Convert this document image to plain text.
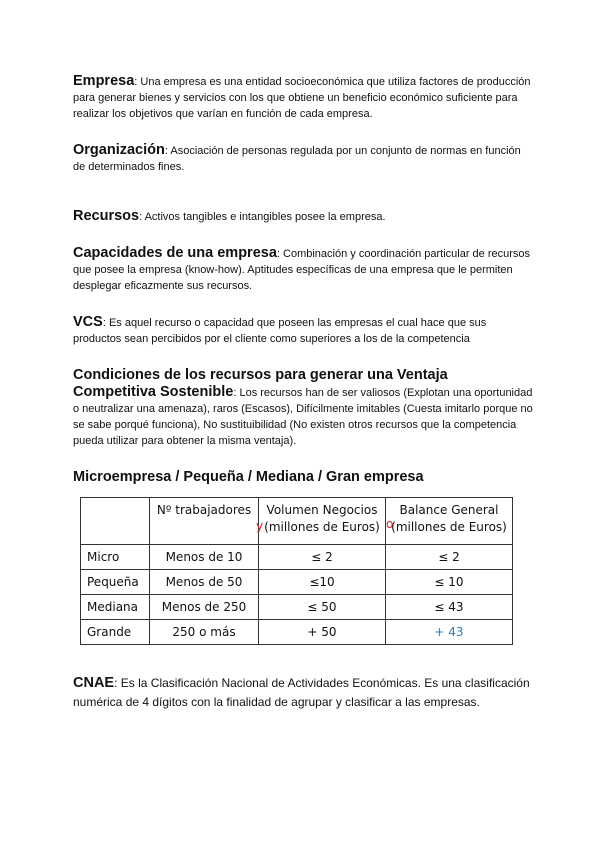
Empresa: Una empresa es una entidad socioeconómica que utiliza factores de producción para generar bienes y servicios con los que obtiene un beneficio económico suficiente para realizar los objetivos que varían en función de cada empresa.
Organización: Asociación de personas regulada por un conjunto de normas en función de determinados fines.
Recursos: Activos tangibles e intangibles posee la empresa.
Capacidades de una empresa: Combinación y coordinación particular de recursos que posee la empresa (know-how). Aptitudes específicas de una empresa que le permiten desplegar eficazmente sus recursos.
VCS: Es aquel recurso o capacidad que poseen las empresas el cual hace que sus productos sean percibidos por el cliente como superiores a los de la competencia
Condiciones de los recursos para generar una Ventaja
Competitiva Sostenible: Los recursos han de ser valiosos (Explotan una oportunidad o neutralizar una amenaza), raros (Escasos), Difícilmente imitables (Cuesta imitarlo porque no se sabe porqué funciona), No sustituibilidad (No existen otros recursos que la competencia pueda utilizar para obtener la misma ventaja).
Microempresa / Pequeña / Mediana / Gran empresa
	Nº trabajadores	Volumen Negocios (millones de Euros)	Balance General (millones de Euros)
Micro	Menos de 10	≤ 2	≤ 2
Pequeña	Menos de 50	≤10	≤ 10
Mediana	Menos de 250	≤ 50	≤ 43
Grande	250 o más	+ 50	+ 43
y	o
CNAE: Es la Clasificación Nacional de Actividades Económicas. Es una clasificación numérica de 4 dígitos con la finalidad de agrupar y clasificar a las empresas.
